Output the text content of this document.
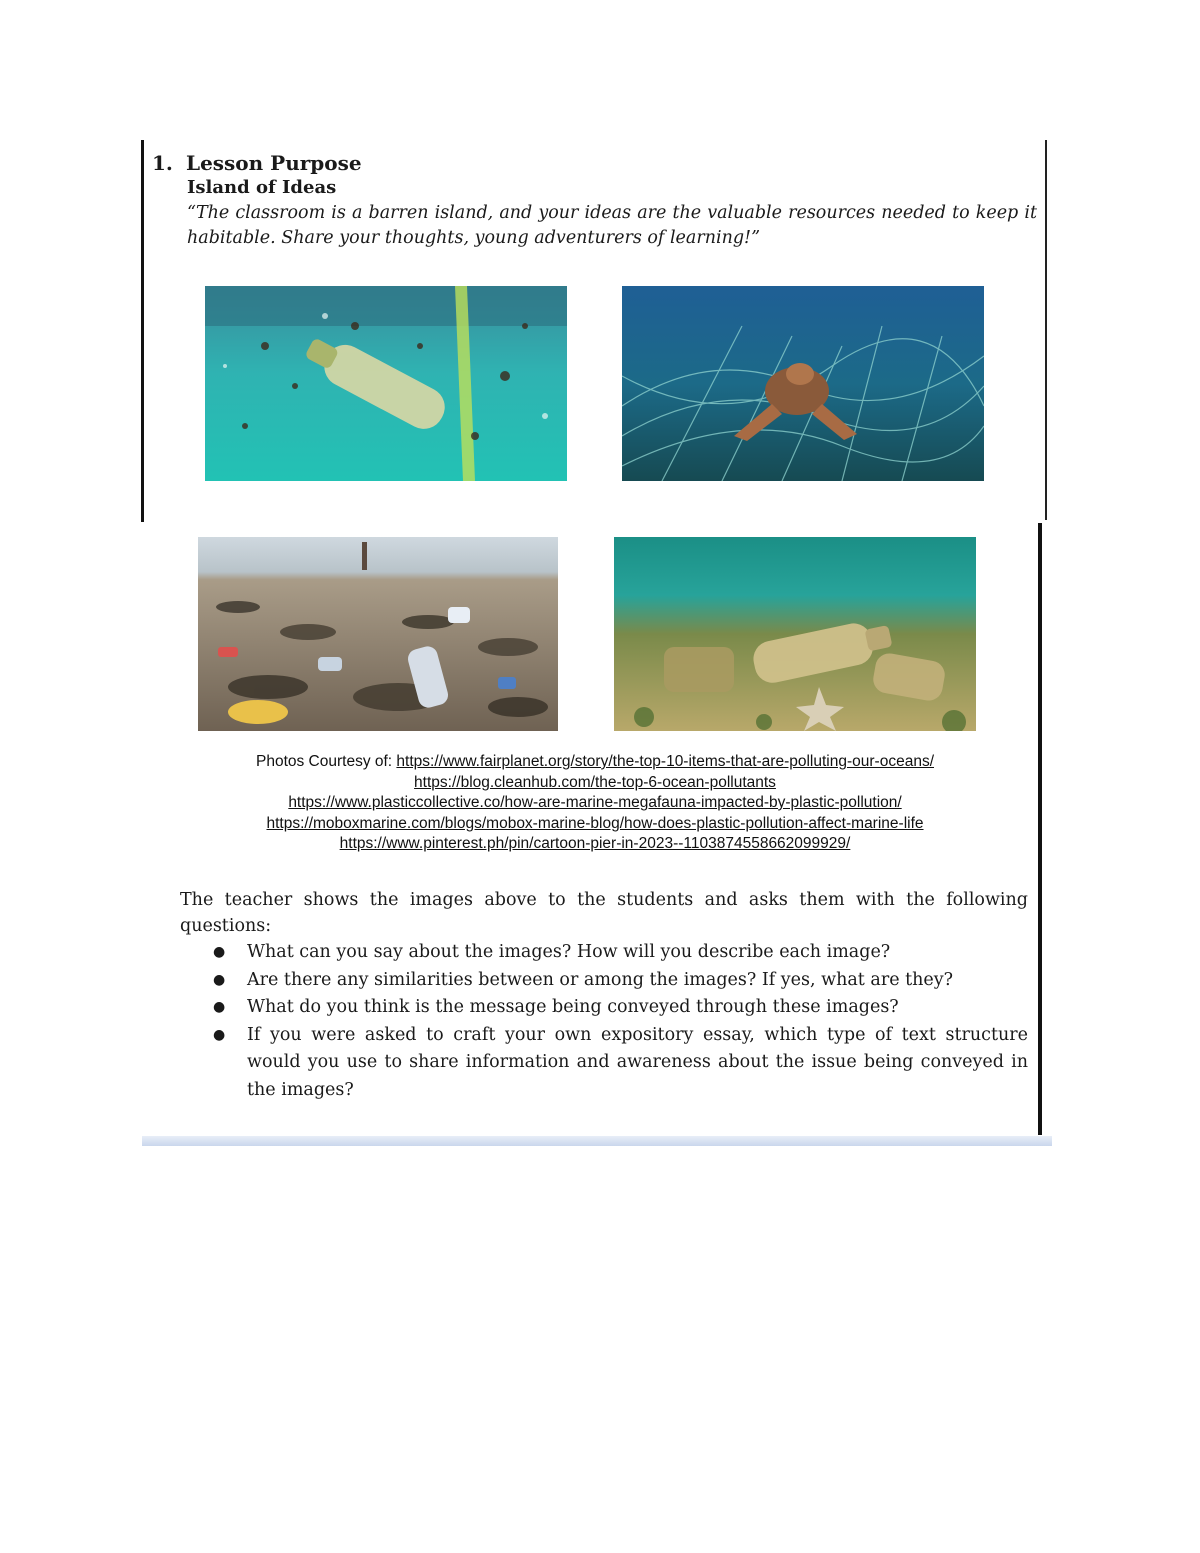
1. Lesson Purpose
Island of Ideas

“The classroom is a barren island, and your ideas are the valuable resources needed to keep it habitable. Share your thoughts, young adventurers of learning!”

Photos Courtesy of: https://www.fairplanet.org/story/the-top-10-items-that-are-polluting-our-oceans/
https://blog.cleanhub.com/the-top-6-ocean-pollutants
https://www.plasticcollective.co/how-are-marine-megafauna-impacted-by-plastic-pollution/
https://moboxmarine.com/blogs/mobox-marine-blog/how-does-plastic-pollution-affect-marine-life
https://www.pinterest.ph/pin/cartoon-pier-in-2023--1103874558662099929/

The teacher shows the images above to the students and asks them with the following questions:

● What can you say about the images? How will you describe each image?
● Are there any similarities between or among the images? If yes, what are they?
● What do you think is the message being conveyed through these images?
● If you were asked to craft your own expository essay, which type of text structure would you use to share information and awareness about the issue being conveyed in the images?
